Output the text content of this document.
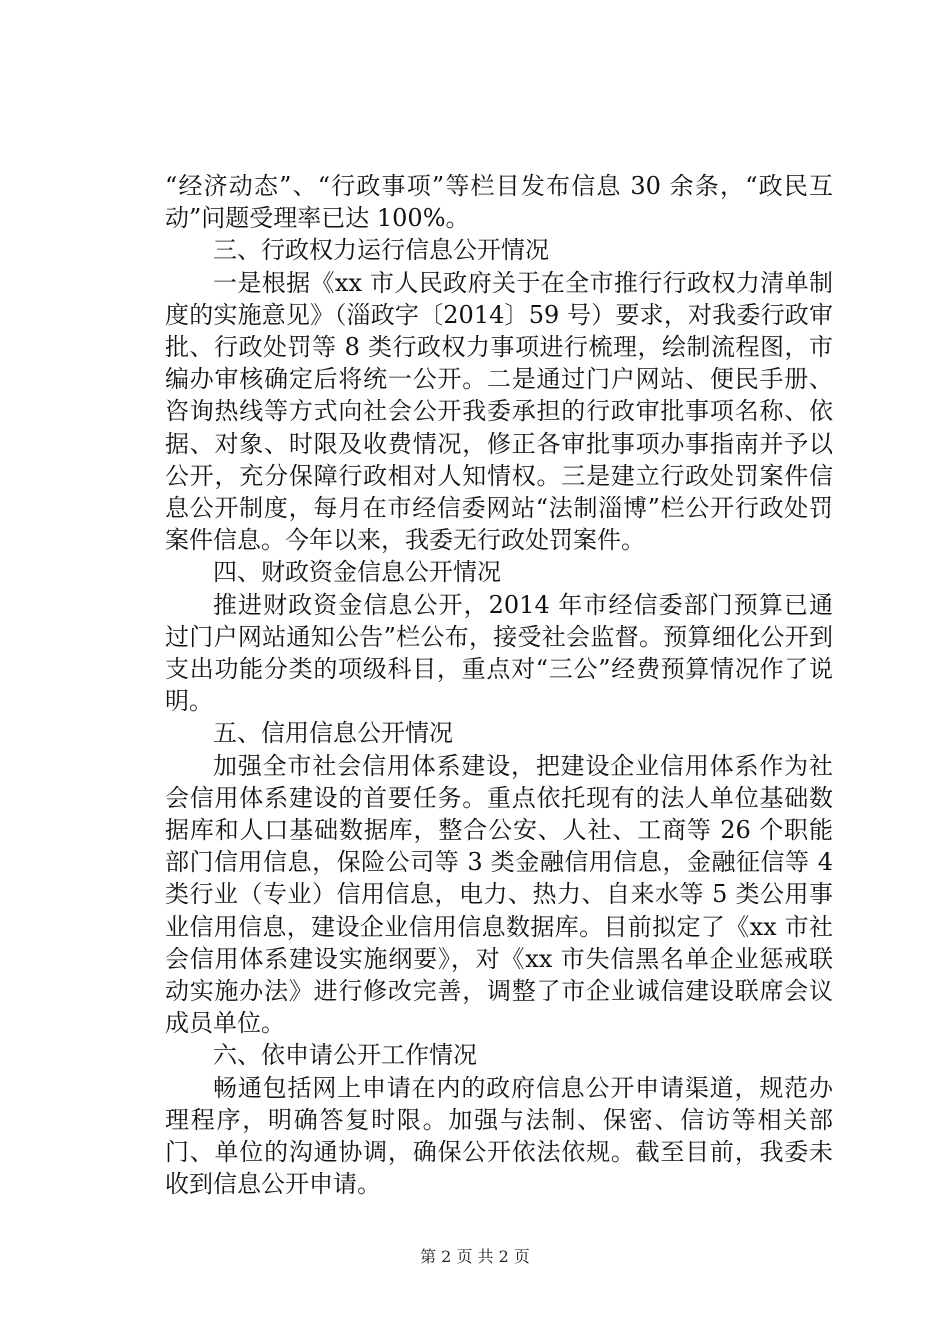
“经济动态”、“行政事项”等栏目发布信息 30 余条，“政民互动”问题受理率已达 100%。

三、行政权力运行信息公开情况

一是根据《xx 市人民政府关于在全市推行行政权力清单制度的实施意见》（淄政字〔2014〕59 号）要求，对我委行政审批、行政处罚等 8 类行政权力事项进行梳理，绘制流程图，市编办审核确定后将统一公开。二是通过门户网站、便民手册、咨询热线等方式向社会公开我委承担的行政审批事项名称、依据、对象、时限及收费情况，修正各审批事项办事指南并予以公开，充分保障行政相对人知情权。三是建立行政处罚案件信息公开制度，每月在市经信委网站“法制淄博”栏公开行政处罚案件信息。今年以来，我委无行政处罚案件。

四、财政资金信息公开情况

推进财政资金信息公开，2014 年市经信委部门预算已通过门户网站通知公告”栏公布，接受社会监督。预算细化公开到支出功能分类的项级科目，重点对“三公”经费预算情况作了说明。

五、信用信息公开情况

加强全市社会信用体系建设，把建设企业信用体系作为社会信用体系建设的首要任务。重点依托现有的法人单位基础数据库和人口基础数据库，整合公安、人社、工商等 26 个职能部门信用信息，保险公司等 3 类金融信用信息，金融征信等 4 类行业（专业）信用信息，电力、热力、自来水等 5 类公用事业信用信息，建设企业信用信息数据库。目前拟定了《xx 市社会信用体系建设实施纲要》，对《xx 市失信黑名单企业惩戒联动实施办法》进行修改完善，调整了市企业诚信建设联席会议成员单位。

六、依申请公开工作情况

畅通包括网上申请在内的政府信息公开申请渠道，规范办理程序，明确答复时限。加强与法制、保密、信访等相关部门、单位的沟通协调，确保公开依法依规。截至目前，我委未收到信息公开申请。

第 2 页 共 2 页
